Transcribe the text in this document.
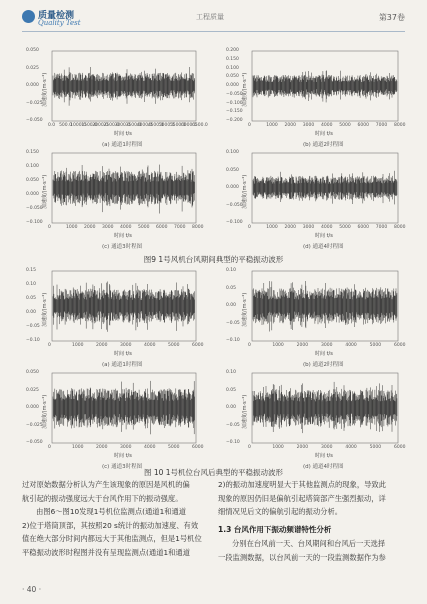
质量检测
Quality Test
工程质量	第37卷
0.050
0.025
0.000
−0.025
−0.050
0.0 500.0
1000.0
1500.0
2000.0
2500.0
3000.0
3500.0
4000.0
4500.0
5000.0
5500.0
6000.0
6500.0
加速度/(m·s⁻²)
时间 t/s
(a) 通道1时程图
0.200
0.150
0.100
0.050
0.000
−0.050
−0.100
−0.150
−0.200
0	1000 2000 3000 4000 5000 6000 7000 8000
加速度/(m·s⁻²)
时间 t/s
(b) 通道2时程图
0.150
0.100
0.050
0.000
−0.050
−0.100
0	1000 2000 3000 4000 5000 6000 7000 8000
加速度/(m·s⁻²)
时间 t/s
(c) 通道3时程图
0.100
0.050
0.000
−0.050
−0.100
0	1000 2000 3000 4000 5000 6000 7000 8000
加速度/(m·s⁻²)
时间 t/s
(d) 通道4时程图
图9 1号风机台风期间典型的平稳振动波形
0.15
0.10
0.05
0.00
−0.05
−0.10
0	1000	2000	3000	4000	5000	6000
加速度/(m·s⁻²)
时间 t/s
(a) 通道1时程图
0.10
0.05
0.00
−0.05
−0.10
0	1000	2000	3000	4000	5000	6000
加速度/(m·s⁻²)
时间 t/s
(b) 通道2时程图
0.050
0.025
0.000
−0.025
−0.050
0	1000	2000	3000	4000	5000	6000
加速度/(m·s⁻²)
时间 t/s
(c) 通道3时程图
0.10
0.05
0.00
−0.05
−0.10
0	1000	2000	3000	4000	5000	6000
加速度/(m·s⁻²)
时间 t/s
(d) 通道4时程图
图 10 1号机位台风后典型的平稳振动波形
过对原始数据分析认为产生该现象的原因是风机的偏
航引起的振动强度远大于台风作用下的振动强度。
由图6～图10发现1号机位监测点(通道1和通道
2)位于塔筒顶部，其按照20 s统计的振动加速度、有效
值在绝大部分时间内都远大于其他监测点，但是1号机位
平稳振动波形时程图并没有呈现监测点(通道1和通道
2)的振动加速度明显大于其他监测点的现象，导致此
现象的原因仍旧是偏航引起塔筒部产生强烈振动，详
细情况见后文的偏航引起的振动分析。
1.3 台风作用下振动频谱特性分析
分别在台风前一天、台风期间和台风后一天选择
一段监测数据，以台风前一天的一段监测数据作为参
· 40 ·
